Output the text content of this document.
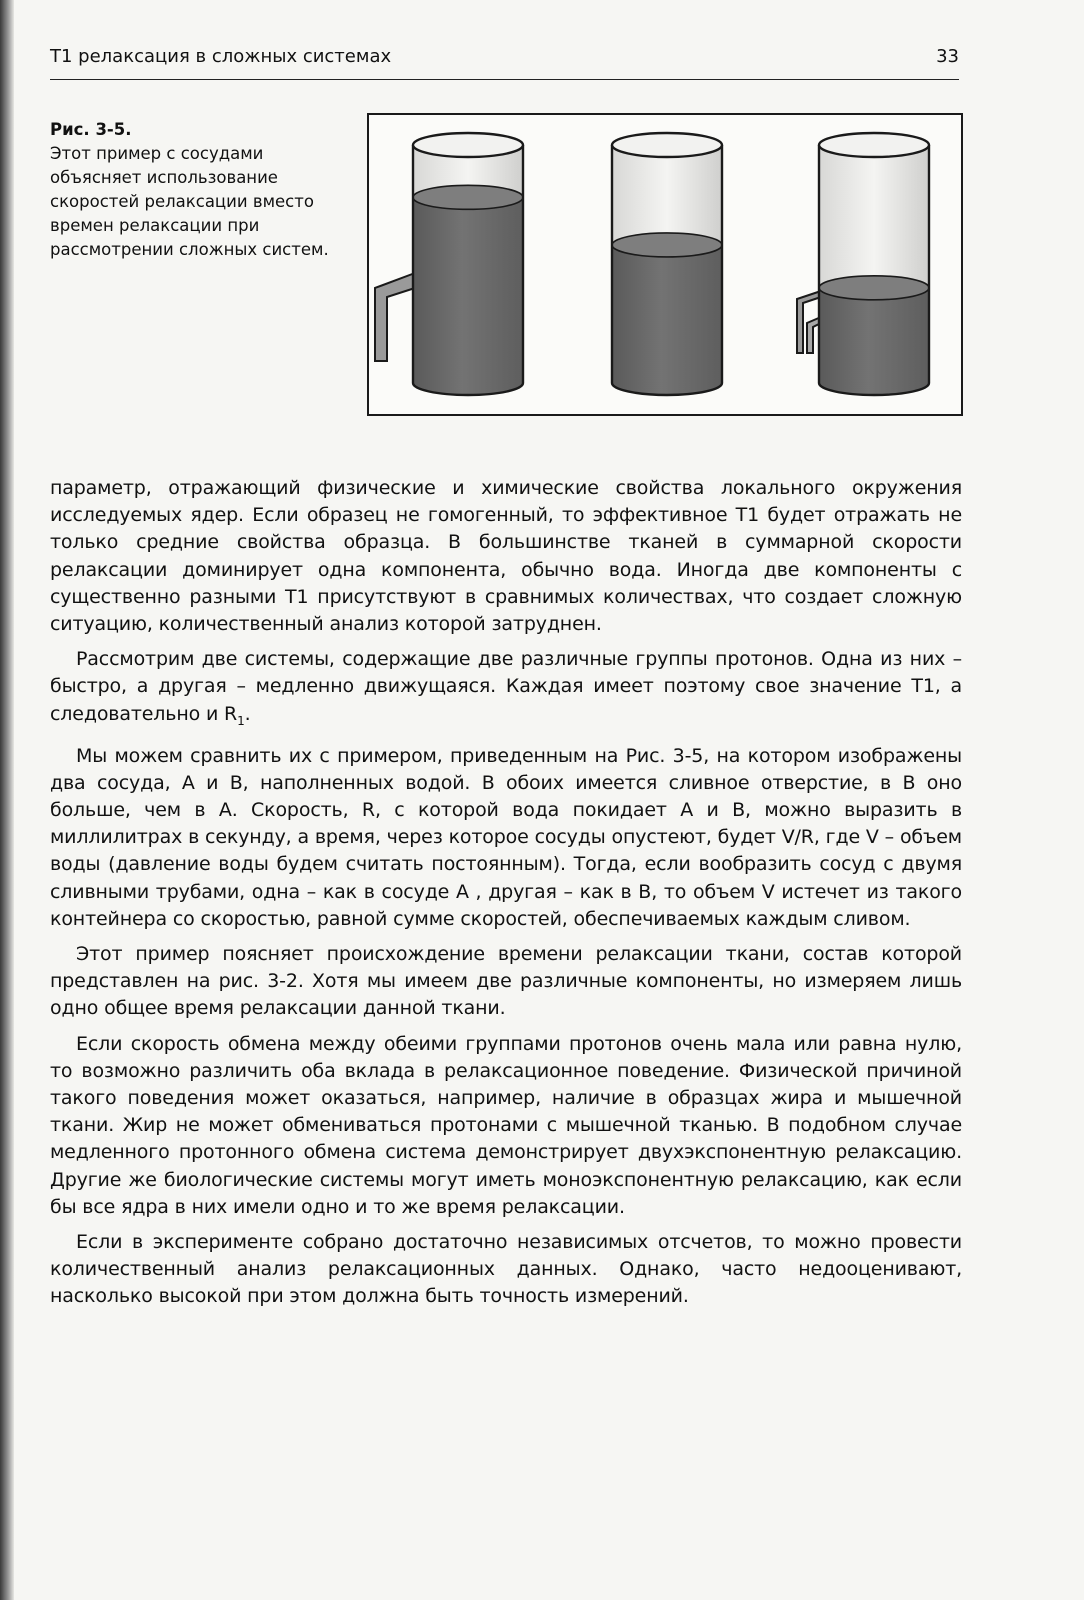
Т1 релаксация в сложных системах	33
Рис. 3-5.
Этот пример с сосудами объясняет использование скоростей релаксации вместо времен релаксации при рассмотрении сложных систем.

параметр, отражающий физические и химические свойства локального окружения исследуемых ядер. Если образец не гомогенный, то эффективное Т1 будет отражать не только средние свойства образца. В большинстве тканей в суммарной скорости релаксации доминирует одна компонента, обычно вода. Иногда две компоненты с существенно разными Т1 присутствуют в сравнимых количествах, что создает сложную ситуацию, количественный анализ которой затруднен.

Рассмотрим две системы, содержащие две различные группы протонов. Одна из них – быстро, а другая – медленно движущаяся. Каждая имеет поэтому свое значение Т1, а следовательно и $R_1$.

Мы можем сравнить их с примером, приведенным на Рис. 3-5, на котором изображены два сосуда, А и В, наполненных водой. В обоих имеется сливное отверстие, в В оно больше, чем в А. Скорость, R, с которой вода покидает А и В, можно выразить в миллилитрах в секунду, а время, через которое сосуды опустеют, будет V/R, где V – объем воды (давление воды будем считать постоянным). Тогда, если вообразить сосуд с двумя сливными трубами, одна – как в сосуде А , другая – как в В, то объем V истечет из такого контейнера со скоростью, равной сумме скоростей, обеспечиваемых каждым сливом.

Этот пример поясняет происхождение времени релаксации ткани, состав которой представлен на рис. 3-2. Хотя мы имеем две различные компоненты, но измеряем лишь одно общее время релаксации данной ткани.

Если скорость обмена между обеими группами протонов очень мала или равна нулю, то возможно различить оба вклада в релаксационное поведение. Физической причиной такого поведения может оказаться, например, наличие в образцах жира и мышечной ткани. Жир не может обмениваться протонами с мышечной тканью. В подобном случае медленного протонного обмена система демонстрирует двухэкспонентную релаксацию. Другие же биологические системы могут иметь моноэкспонентную релаксацию, как если бы все ядра в них имели одно и то же время релаксации.

Если в эксперименте собрано достаточно независимых отсчетов, то можно провести количественный анализ релаксационных данных. Однако, часто недооценивают, насколько высокой при этом должна быть точность измерений.
